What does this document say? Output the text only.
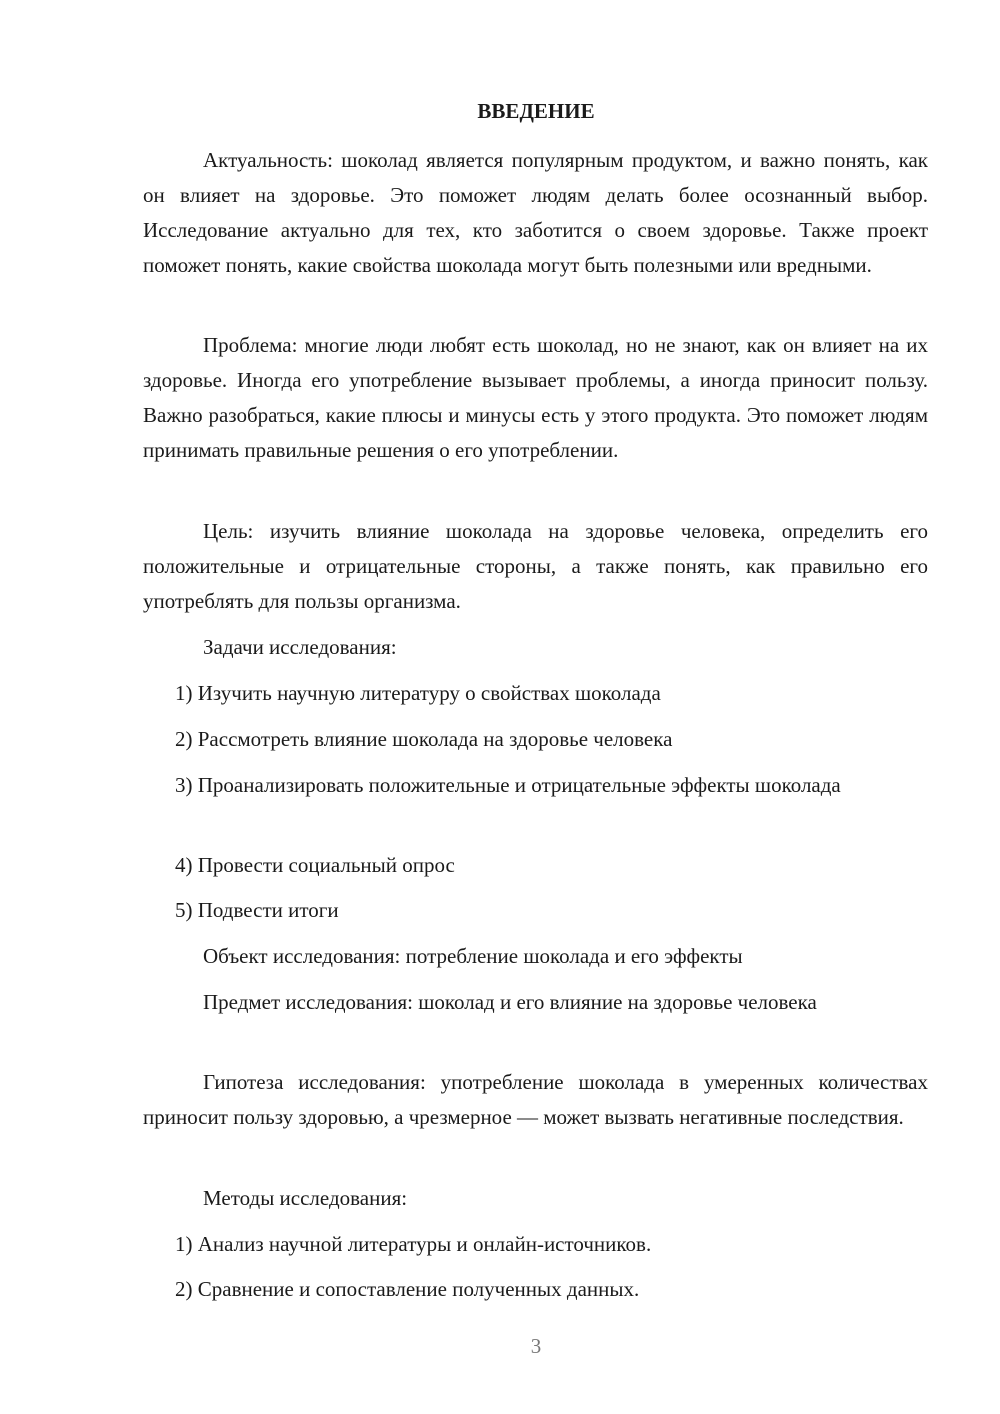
ВВЕДЕНИЕ
Актуальность: шоколад является популярным продуктом, и важно понять, как он влияет на здоровье. Это поможет людям делать более осознанный выбор. Исследование актуально для тех, кто заботится о своем здоровье. Также проект поможет понять, какие свойства шоколада могут быть полезными или вредными.
Проблема: многие люди любят есть шоколад, но не знают, как он влияет на их здоровье. Иногда его употребление вызывает проблемы, а иногда приносит пользу. Важно разобраться, какие плюсы и минусы есть у этого продукта. Это поможет людям принимать правильные решения о его употреблении.
Цель: изучить влияние шоколада на здоровье человека, определить его положительные и отрицательные стороны, а также понять, как правильно его употреблять для пользы организма.
Задачи исследования:
1) Изучить научную литературу о свойствах шоколада
2) Рассмотреть влияние шоколада на здоровье человека
3) Проанализировать положительные и отрицательные эффекты шоколада
4) Провести социальный опрос
5) Подвести итоги
Объект исследования: потребление шоколада и его эффекты
Предмет исследования: шоколад и его влияние на здоровье человека
Гипотеза исследования: употребление шоколада в умеренных количествах приносит пользу здоровью, а чрезмерное — может вызвать негативные последствия.
Методы исследования:
1) Анализ научной литературы и онлайн-источников.
2) Сравнение и сопоставление полученных данных.
3
